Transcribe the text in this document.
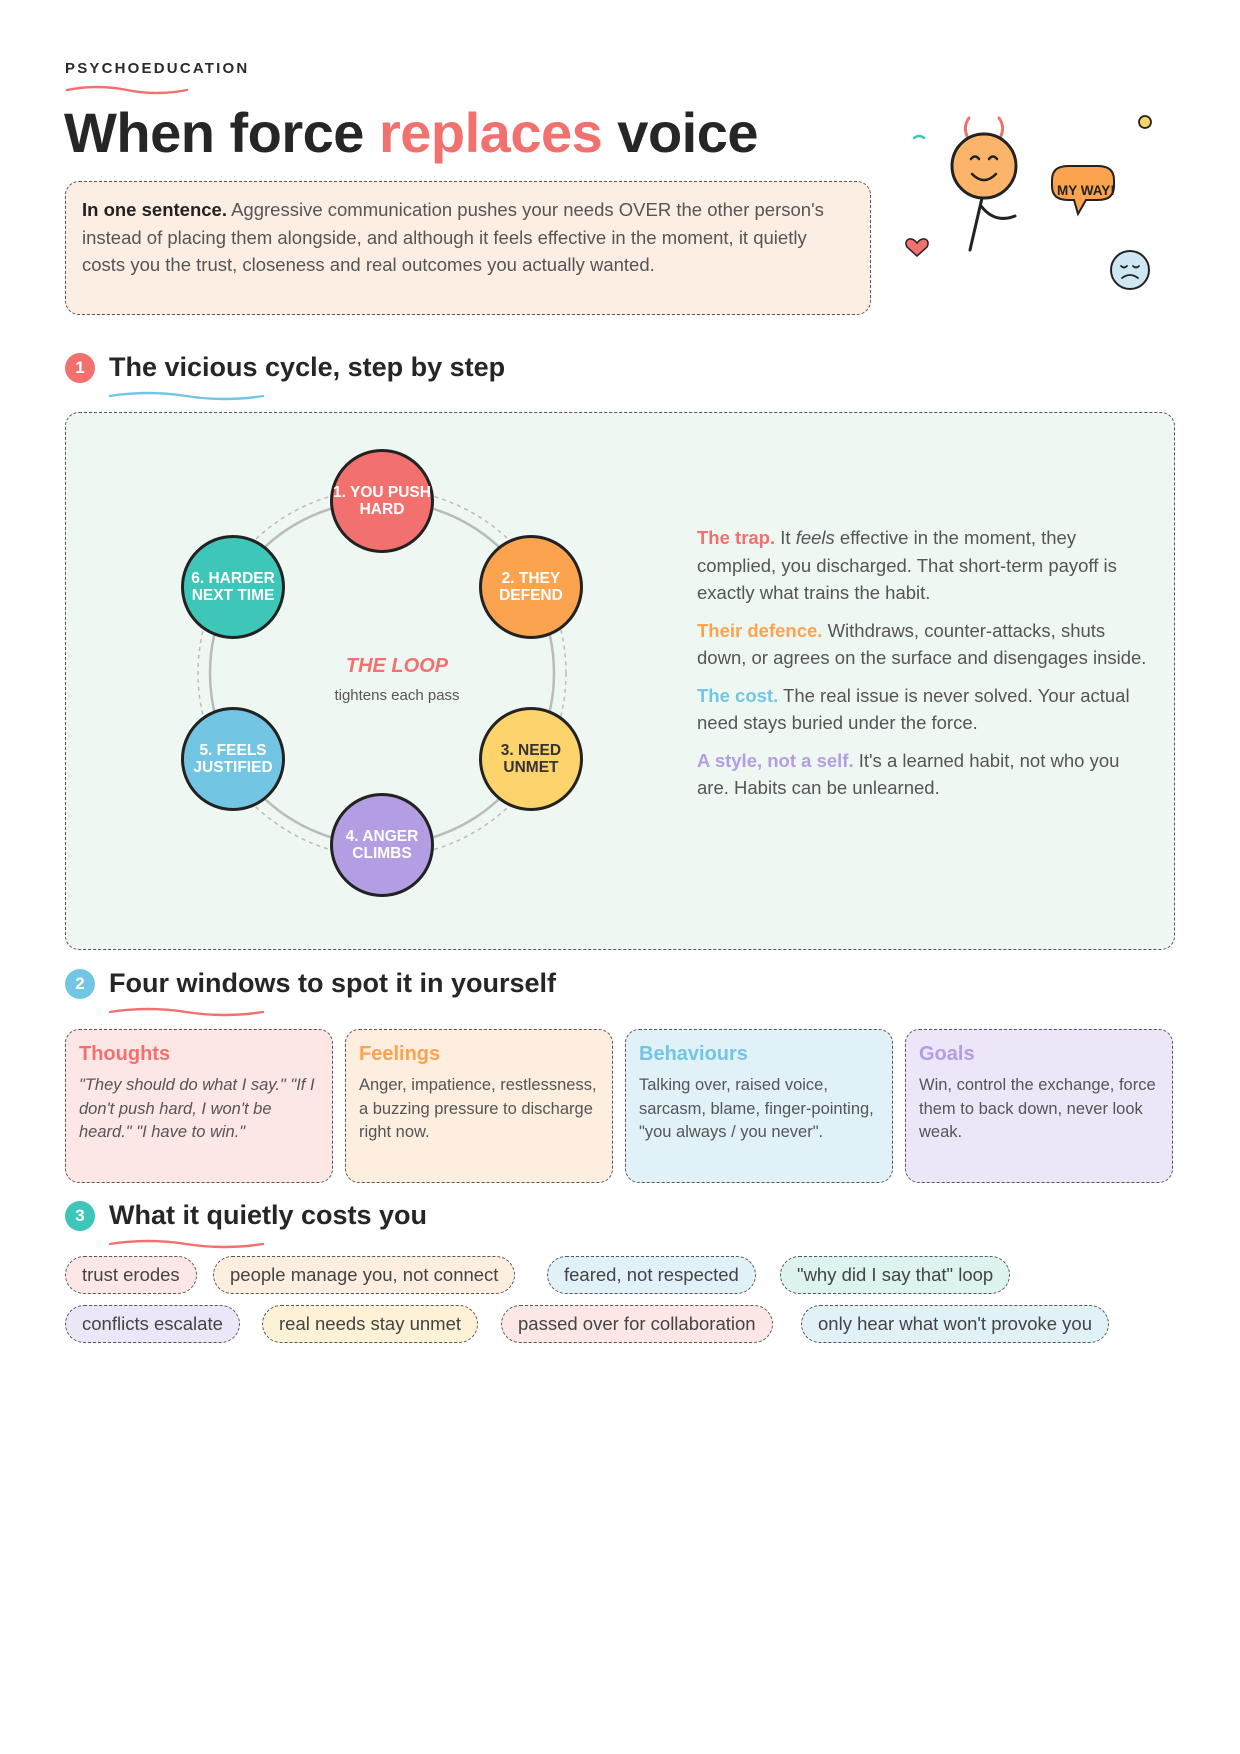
PSYCHOEDUCATION
When force replaces voice
In one sentence. Aggressive communication pushes your needs OVER the other person's instead of placing them alongside, and although it feels effective in the moment, it quietly costs you the trust, closeness and real outcomes you actually wanted.
MY WAY!
1 The vicious cycle, step by step
1. YOU PUSH HARD
2. THEY DEFEND
3. NEED UNMET
4. ANGER CLIMBS
5. FEELS JUSTIFIED
6. HARDER NEXT TIME
THE LOOP
tightens each pass

The trap. It feels effective in the moment, they complied, you discharged. That short-term payoff is exactly what trains the habit.

Their defence. Withdraws, counter-attacks, shuts down, or agrees on the surface and disengages inside.

The cost. The real issue is never solved. Your actual need stays buried under the force.

A style, not a self. It's a learned habit, not who you are. Habits can be unlearned.

2 Four windows to spot it in yourself
Thoughts
"They should do what I say." "If I don't push hard, I won't be heard." "I have to win."
Feelings
Anger, impatience, restlessness, a buzzing pressure to discharge right now.
Behaviours
Talking over, raised voice, sarcasm, blame, finger-pointing, "you always / you never".
Goals
Win, control the exchange, force them to back down, never look weak.
3 What it quietly costs you
trust erodes	people manage you, not connect	feared, not respected	"why did I say that" loop
conflicts escalate	real needs stay unmet	passed over for collaboration	only hear what won't provoke you
